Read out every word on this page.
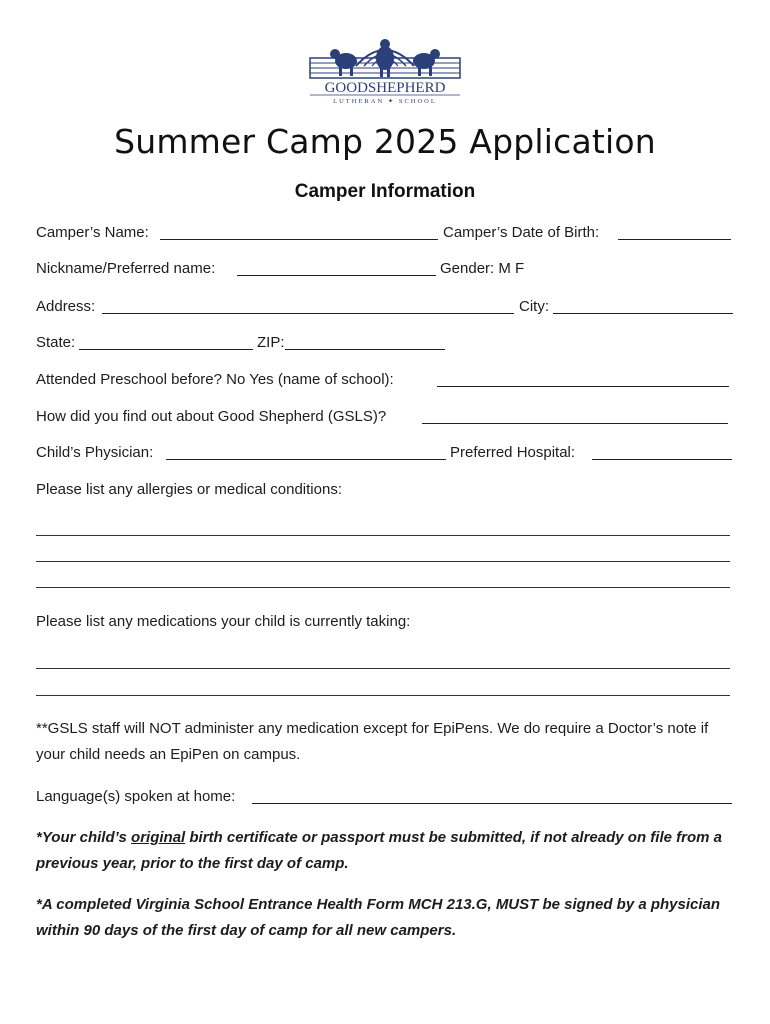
GOODSHEPHERD
LUTHERAN ✦ SCHOOL
Summer Camp 2025 Application
Camper Information
Camper’s Name:	Camper’s Date of Birth:
Nickname/Preferred name:	Gender: M F
Address:	City:
State:	ZIP:
Attended Preschool before? No Yes (name of school):
How did you find out about Good Shepherd (GSLS)?
Child’s Physician:	Preferred Hospital:
Please list any allergies or medical conditions:
Please list any medications your child is currently taking:
**GSLS staff will NOT administer any medication except for EpiPens. We do require a Doctor’s note if your child needs an EpiPen on campus.
Language(s) spoken at home:
*Your child’s original birth certificate or passport must be submitted, if not already on file from a previous year, prior to the first day of camp.
*A completed Virginia School Entrance Health Form MCH 213.G, MUST be signed by a physician within 90 days of the first day of camp for all new campers.
